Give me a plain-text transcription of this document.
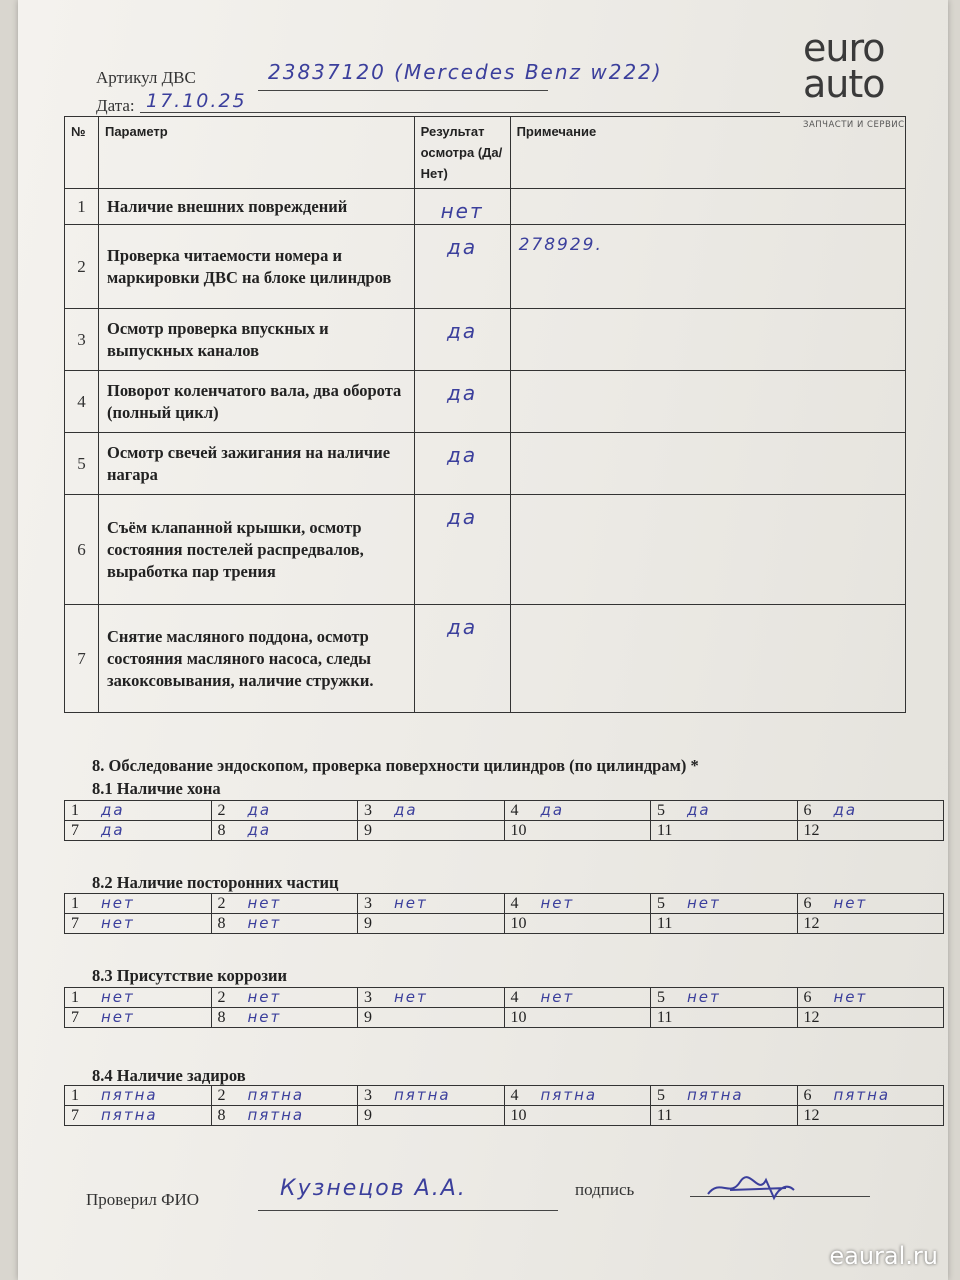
Артикул ДВС	23837120 (Mercedes Benz w222)
Дата: 17.10.25
euro
auto
ЗАПЧАСТИ И СЕРВИС
№	Параметр	Результат осмотра (Да/Нет)	Примечание
1	Наличие внешних повреждений	нет	
2	Проверка читаемости номера и маркировки ДВС на блоке цилиндров	да	278929.
3	Осмотр проверка впускных и выпускных каналов	да	
4	Поворот коленчатого вала, два оборота (полный цикл)	да	
5	Осмотр свечей зажигания на наличие нагара	да	
6	Съём клапанной крышки, осмотр состояния постелей распредвалов, выработка пар трения	да	
7	Снятие масляного поддона, осмотр состояния масляного насоса, следы закоксовывания, наличие стружки.	да	
8. Обследование эндоскопом, проверка поверхности цилиндров (по цилиндрам) *
8.1 Наличие хона
1 да	2 да	3 да	4 да	5 да	6 да
7 да	8 да	9	10	11	12
8.2 Наличие посторонних частиц
1 нет	2 нет	3 нет	4 нет	5 нет	6 нет
7 нет	8 нет	9	10	11	12
8.3 Присутствие коррозии
1 нет	2 нет	3 нет	4 нет	5 нет	6 нет
7 нет	8 нет	9	10	11	12
8.4 Наличие задиров
1 пятна	2 пятна	3 пятна	4 пятна	5 пятна	6 пятна
7 пятна	8 пятна	9	10	11	12
Проверил ФИО	Кузнецов А.А.	подпись
eaural.ru
